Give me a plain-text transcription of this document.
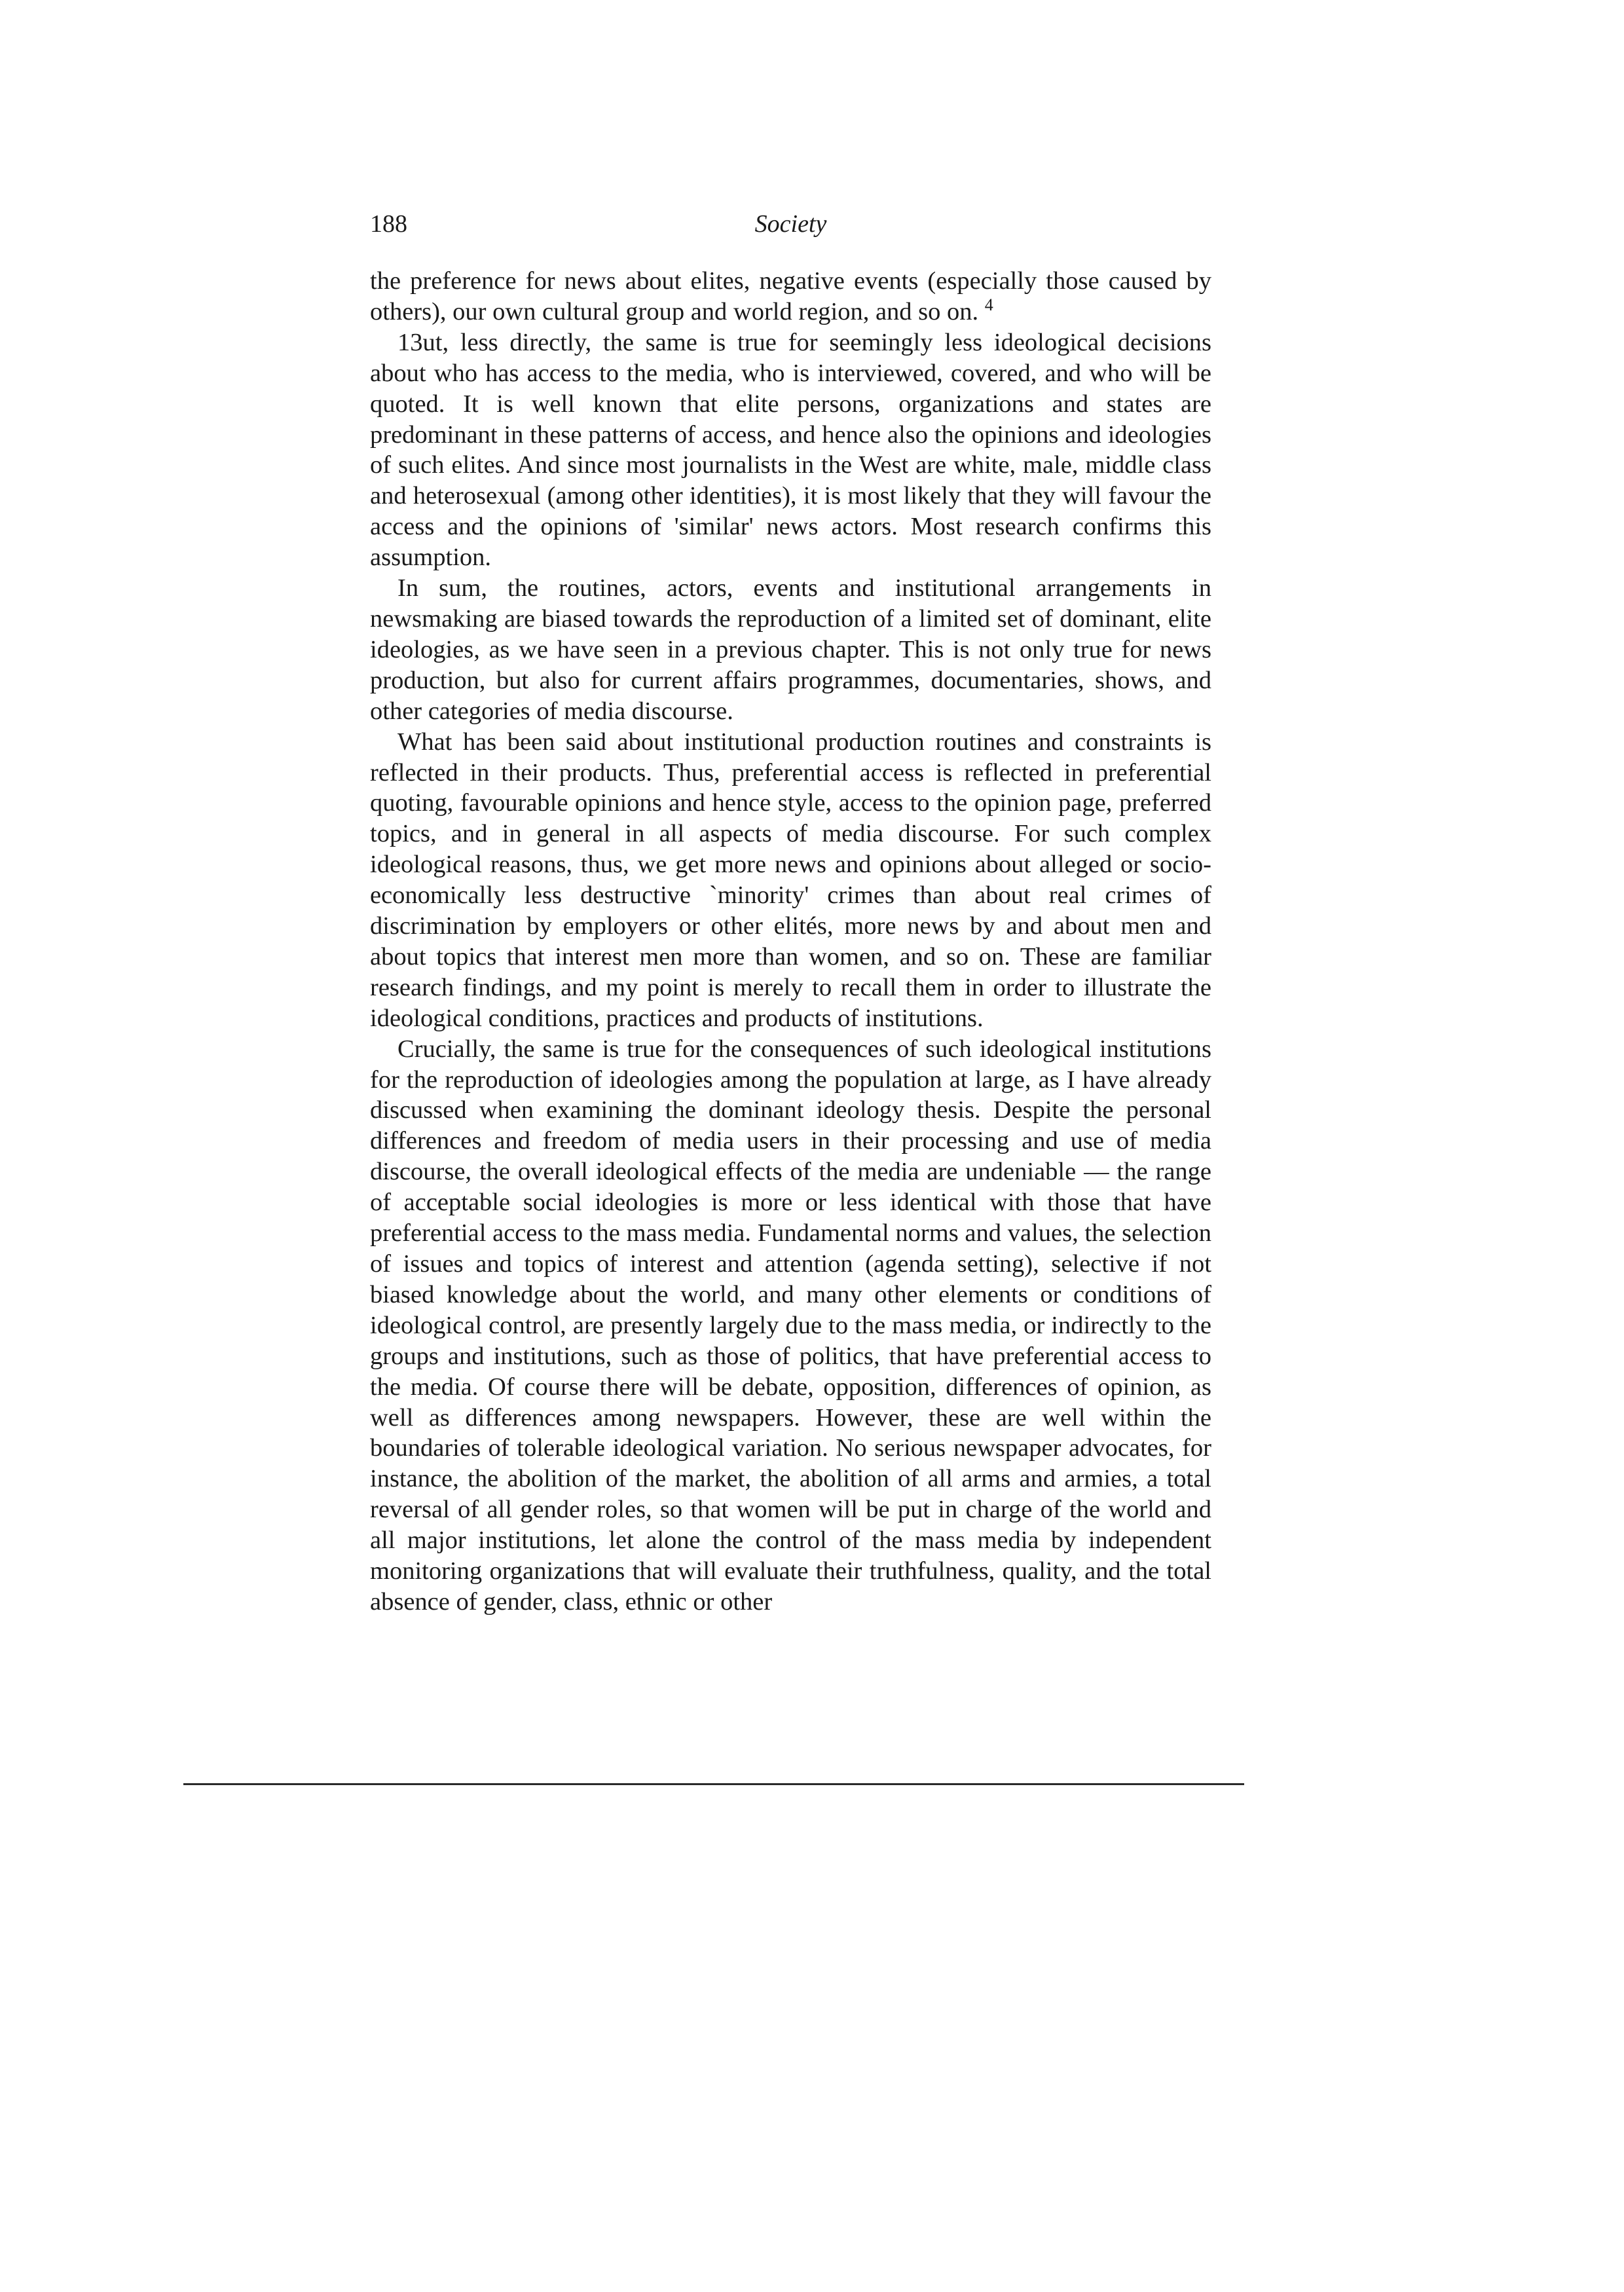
188	Society

the preference for news about elites, negative events (especially those caused by others), our own cultural group and world region, and so on. $^4$

13ut, less directly, the same is true for seemingly less ideological decisions about who has access to the media, who is interviewed, covered, and who will be quoted. It is well known that elite persons, organizations and states are predominant in these patterns of access, and hence also the opinions and ideologies of such elites. And since most journalists in the West are white, male, middle class and heterosexual (among other identities), it is most likely that they will favour the access and the opinions of 'similar' news actors. Most research confirms this assumption.

In sum, the routines, actors, events and institutional arrangements in newsmaking are biased towards the reproduction of a limited set of dominant, elite ideologies, as we have seen in a previous chapter. This is not only true for news production, but also for current affairs programmes, documentaries, shows, and other categories of media discourse.

What has been said about institutional production routines and constraints is reflected in their products. Thus, preferential access is reflected in preferential quoting, favourable opinions and hence style, access to the opinion page, preferred topics, and in general in all aspects of media discourse. For such complex ideological reasons, thus, we get more news and opinions about alleged or socio-economically less destructive `minority' crimes than about real crimes of discrimination by employers or other elités, more news by and about men and about topics that interest men more than women, and so on. These are familiar research findings, and my point is merely to recall them in order to illustrate the ideological conditions, practices and products of institutions.

Crucially, the same is true for the consequences of such ideological institutions for the reproduction of ideologies among the population at large, as I have already discussed when examining the dominant ideology thesis. Despite the personal differences and freedom of media users in their processing and use of media discourse, the overall ideological effects of the media are undeniable — the range of acceptable social ideologies is more or less identical with those that have preferential access to the mass media. Fundamental norms and values, the selection of issues and topics of interest and attention (agenda setting), selective if not biased knowledge about the world, and many other elements or conditions of ideological control, are presently largely due to the mass media, or indirectly to the groups and institutions, such as those of politics, that have preferential access to the media. Of course there will be debate, opposition, differences of opinion, as well as differences among newspapers. However, these are well within the boundaries of tolerable ideological variation. No serious newspaper advocates, for instance, the abolition of the market, the abolition of all arms and armies, a total reversal of all gender roles, so that women will be put in charge of the world and all major institutions, let alone the control of the mass media by independent monitoring organizations that will evaluate their truthfulness, quality, and the total absence of gender, class, ethnic or other
